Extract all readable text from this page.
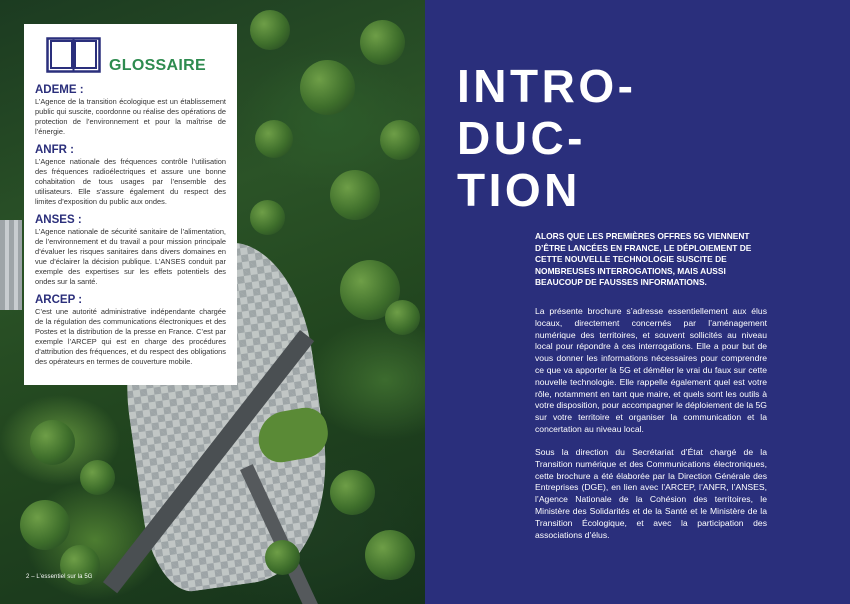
2 – L’essentiel sur la 5G
GLOSSAIRE

ADEME :

L’Agence de la transition écologique est un établissement public qui suscite, coordonne ou réalise des opérations de protection de l’environnement et pour la maîtrise de l’énergie.

ANFR :

L’Agence nationale des fréquences contrôle l’utilisation des fréquences radioélectriques et assure une bonne cohabitation de tous usages par l’ensemble des utilisateurs. Elle s’assure également du respect des limites d’exposition du public aux ondes.

ANSES :

L’Agence nationale de sécurité sanitaire de l’alimentation, de l’environnement et du travail a pour mission principale d’évaluer les risques sanitaires dans divers domaines en vue d’éclairer la décision publique. L’ANSES conduit par exemple des expertises sur les effets potentiels des ondes sur la santé.

ARCEP :

C’est une autorité administrative indépendante chargée de la régulation des communications électroniques et des Postes et la distribution de la presse en France. C’est par exemple l’ARCEP qui est en charge des procédures d’attribution des fréquences, et du respect des obligations des opérateurs en termes de couverture mobile.

INTRO-
DUC-
TION

ALORS QUE LES PREMIÈRES OFFRES 5G VIENNENT D’ÊTRE LANCÉES EN FRANCE, LE DÉPLOIEMENT DE CETTE NOUVELLE TECHNOLOGIE SUSCITE DE NOMBREUSES INTERROGATIONS, MAIS AUSSI BEAUCOUP DE FAUSSES INFORMATIONS.

La présente brochure s’adresse essentiellement aux élus locaux, directement concernés par l’aménagement numérique des territoires, et souvent sollicités au niveau local pour répondre à ces interrogations. Elle a pour but de vous donner les informations nécessaires pour comprendre ce que va apporter la 5G et démêler le vrai du faux sur cette nouvelle technologie. Elle rappelle également quel est votre rôle, notamment en tant que maire, et quels sont les outils à votre disposition, pour accompagner le déploiement de la 5G sur votre territoire et organiser la communication et la concertation au niveau local.

Sous la direction du Secrétariat d’État chargé de la Transition numérique et des Communications électroniques, cette brochure a été élaborée par la Direction Générale des Entreprises (DGE), en lien avec l’ARCEP, l’ANFR, l’ANSES, l’Agence Nationale de la Cohésion des territoires, le Ministère des Solidarités et de la Santé et le Ministère de la Transition Écologique, et avec la participation des associations d’élus.
